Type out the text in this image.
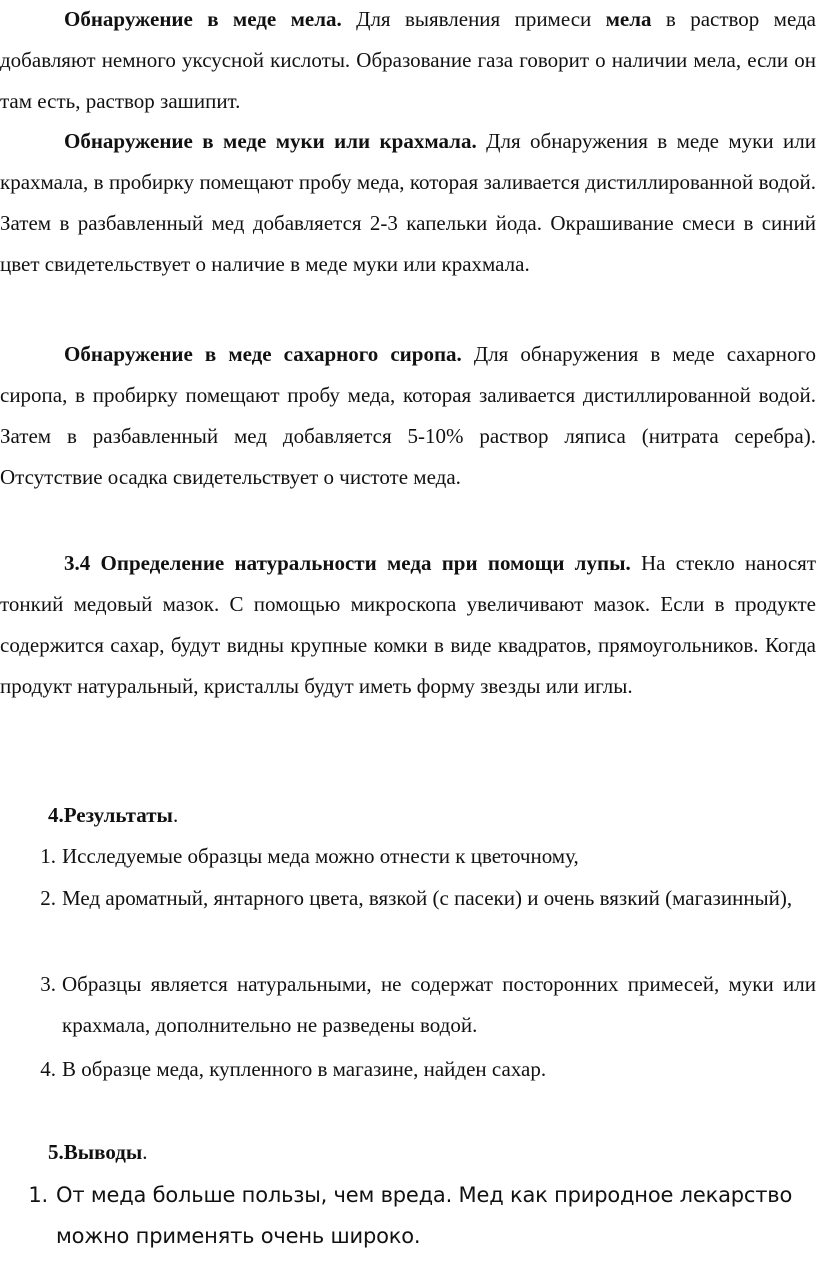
Обнаружение в меде мела. Для выявления примеси мела в раствор меда добавляют немного уксусной кислоты. Образование газа говорит о наличии мела, если он там есть, раствор зашипит.

Обнаружение в меде муки или крахмала. Для обнаружения в меде муки или крахмала, в пробирку помещают пробу меда, которая заливается дистиллированной водой. Затем в разбавленный мед добавляется 2-3 капельки йода. Окрашивание смеси в синий цвет свидетельствует о наличие в меде муки или крахмала.

Обнаружение в меде сахарного сиропа. Для обнаружения в меде сахарного сиропа, в пробирку помещают пробу меда, которая заливается дистиллированной водой. Затем в разбавленный мед добавляется 5-10% раствор ляписа (нитрата серебра). Отсутствие осадка свидетельствует о чистоте меда.

3.4 Определение натуральности меда при помощи лупы. На стекло наносят тонкий медовый мазок. С помощью микроскопа увеличивают мазок. Если в продукте содержится сахар, будут видны крупные комки в виде квадратов, прямоугольников. Когда продукт натуральный, кристаллы будут иметь форму звезды или иглы.

4.Результаты.

1. Исследуемые образцы меда можно отнести к цветочному,
2. Мед ароматный, янтарного цвета, вязкой (с пасеки) и очень вязкий (магазинный),
3. Образцы является натуральными, не содержат посторонних примесей, муки или крахмала, дополнительно не разведены водой.
4. В образце меда, купленного в магазине, найден сахар.

5.Выводы.

1. От меда больше пользы, чем вреда. Мед как природное лекарство можно применять очень широко.
